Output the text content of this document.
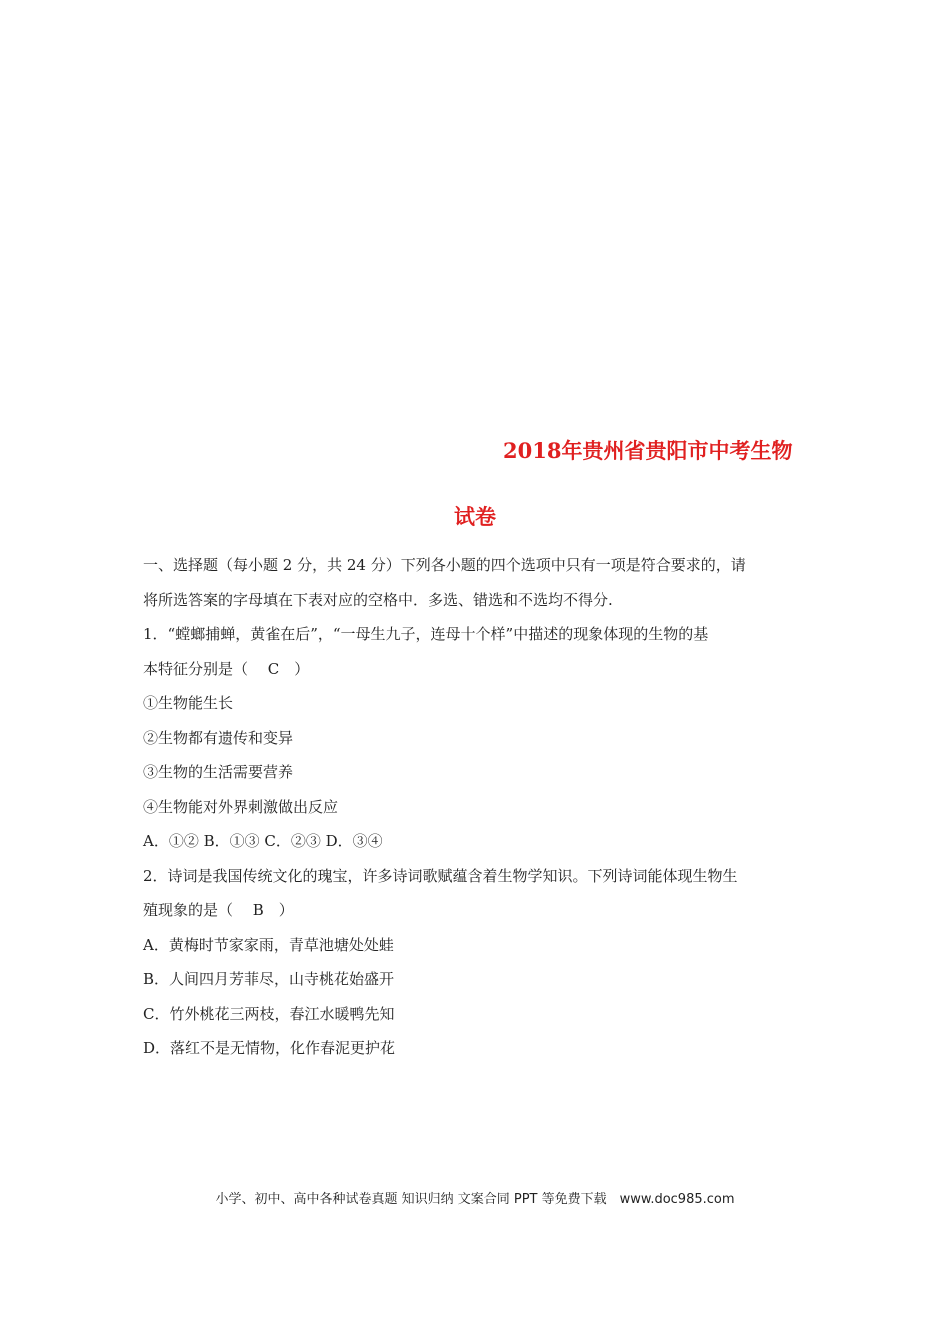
2018年贵州省贵阳市中考生物
试卷

一、选择题（每小题 2 分，共 24 分）下列各小题的四个选项中只有一项是符合要求的，请

将所选答案的字母填在下表对应的空格中．多选、错选和不选均不得分.

1．“螳螂捕蝉，黄雀在后”，“一母生九子，连母十个样”中描述的现象体现的生物的基

本特征分别是（　 C　）

①生物能生长

②生物都有遗传和变异

③生物的生活需要营养

④生物能对外界刺激做出反应

A．①② B．①③ C．②③ D．③④

2．诗词是我国传统文化的瑰宝，许多诗词歌赋蕴含着生物学知识。下列诗词能体现生物生

殖现象的是（　 B　）

A．黄梅时节家家雨，青草池塘处处蛙

B．人间四月芳菲尽，山寺桃花始盛开

C．竹外桃花三两枝，春江水暖鸭先知

D．落红不是无情物，化作春泥更护花

小学、初中、高中各种试卷真题 知识归纳 文案合同 PPT 等免费下载　www.doc985.com
